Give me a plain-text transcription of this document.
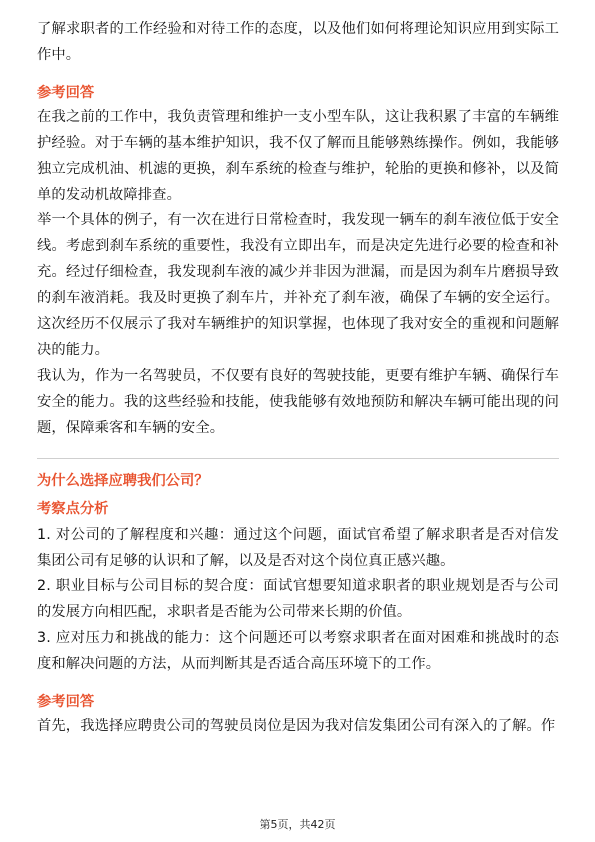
了解求职者的工作经验和对待工作的态度，以及他们如何将理论知识应用到实际工作中。

参考回答

在我之前的工作中，我负责管理和维护一支小型车队，这让我积累了丰富的车辆维护经验。对于车辆的基本维护知识，我不仅了解而且能够熟练操作。例如，我能够独立完成机油、机滤的更换，刹车系统的检查与维护，轮胎的更换和修补，以及简单的发动机故障排查。

举一个具体的例子，有一次在进行日常检查时，我发现一辆车的刹车液位低于安全线。考虑到刹车系统的重要性，我没有立即出车，而是决定先进行必要的检查和补充。经过仔细检查，我发现刹车液的减少并非因为泄漏，而是因为刹车片磨损导致的刹车液消耗。我及时更换了刹车片，并补充了刹车液，确保了车辆的安全运行。这次经历不仅展示了我对车辆维护的知识掌握，也体现了我对安全的重视和问题解决的能力。

我认为，作为一名驾驶员，不仅要有良好的驾驶技能，更要有维护车辆、确保行车安全的能力。我的这些经验和技能，使我能够有效地预防和解决车辆可能出现的问题，保障乘客和车辆的安全。

为什么选择应聘我们公司？
考察点分析

1. 对公司的了解程度和兴趣：通过这个问题，面试官希望了解求职者是否对信发集团公司有足够的认识和了解，以及是否对这个岗位真正感兴趣。

2. 职业目标与公司目标的契合度：面试官想要知道求职者的职业规划是否与公司的发展方向相匹配，求职者是否能为公司带来长期的价值。

3. 应对压力和挑战的能力：这个问题还可以考察求职者在面对困难和挑战时的态度和解决问题的方法，从而判断其是否适合高压环境下的工作。

参考回答

首先，我选择应聘贵公司的驾驶员岗位是因为我对信发集团公司有深入的了解。作

第5页，共42页
